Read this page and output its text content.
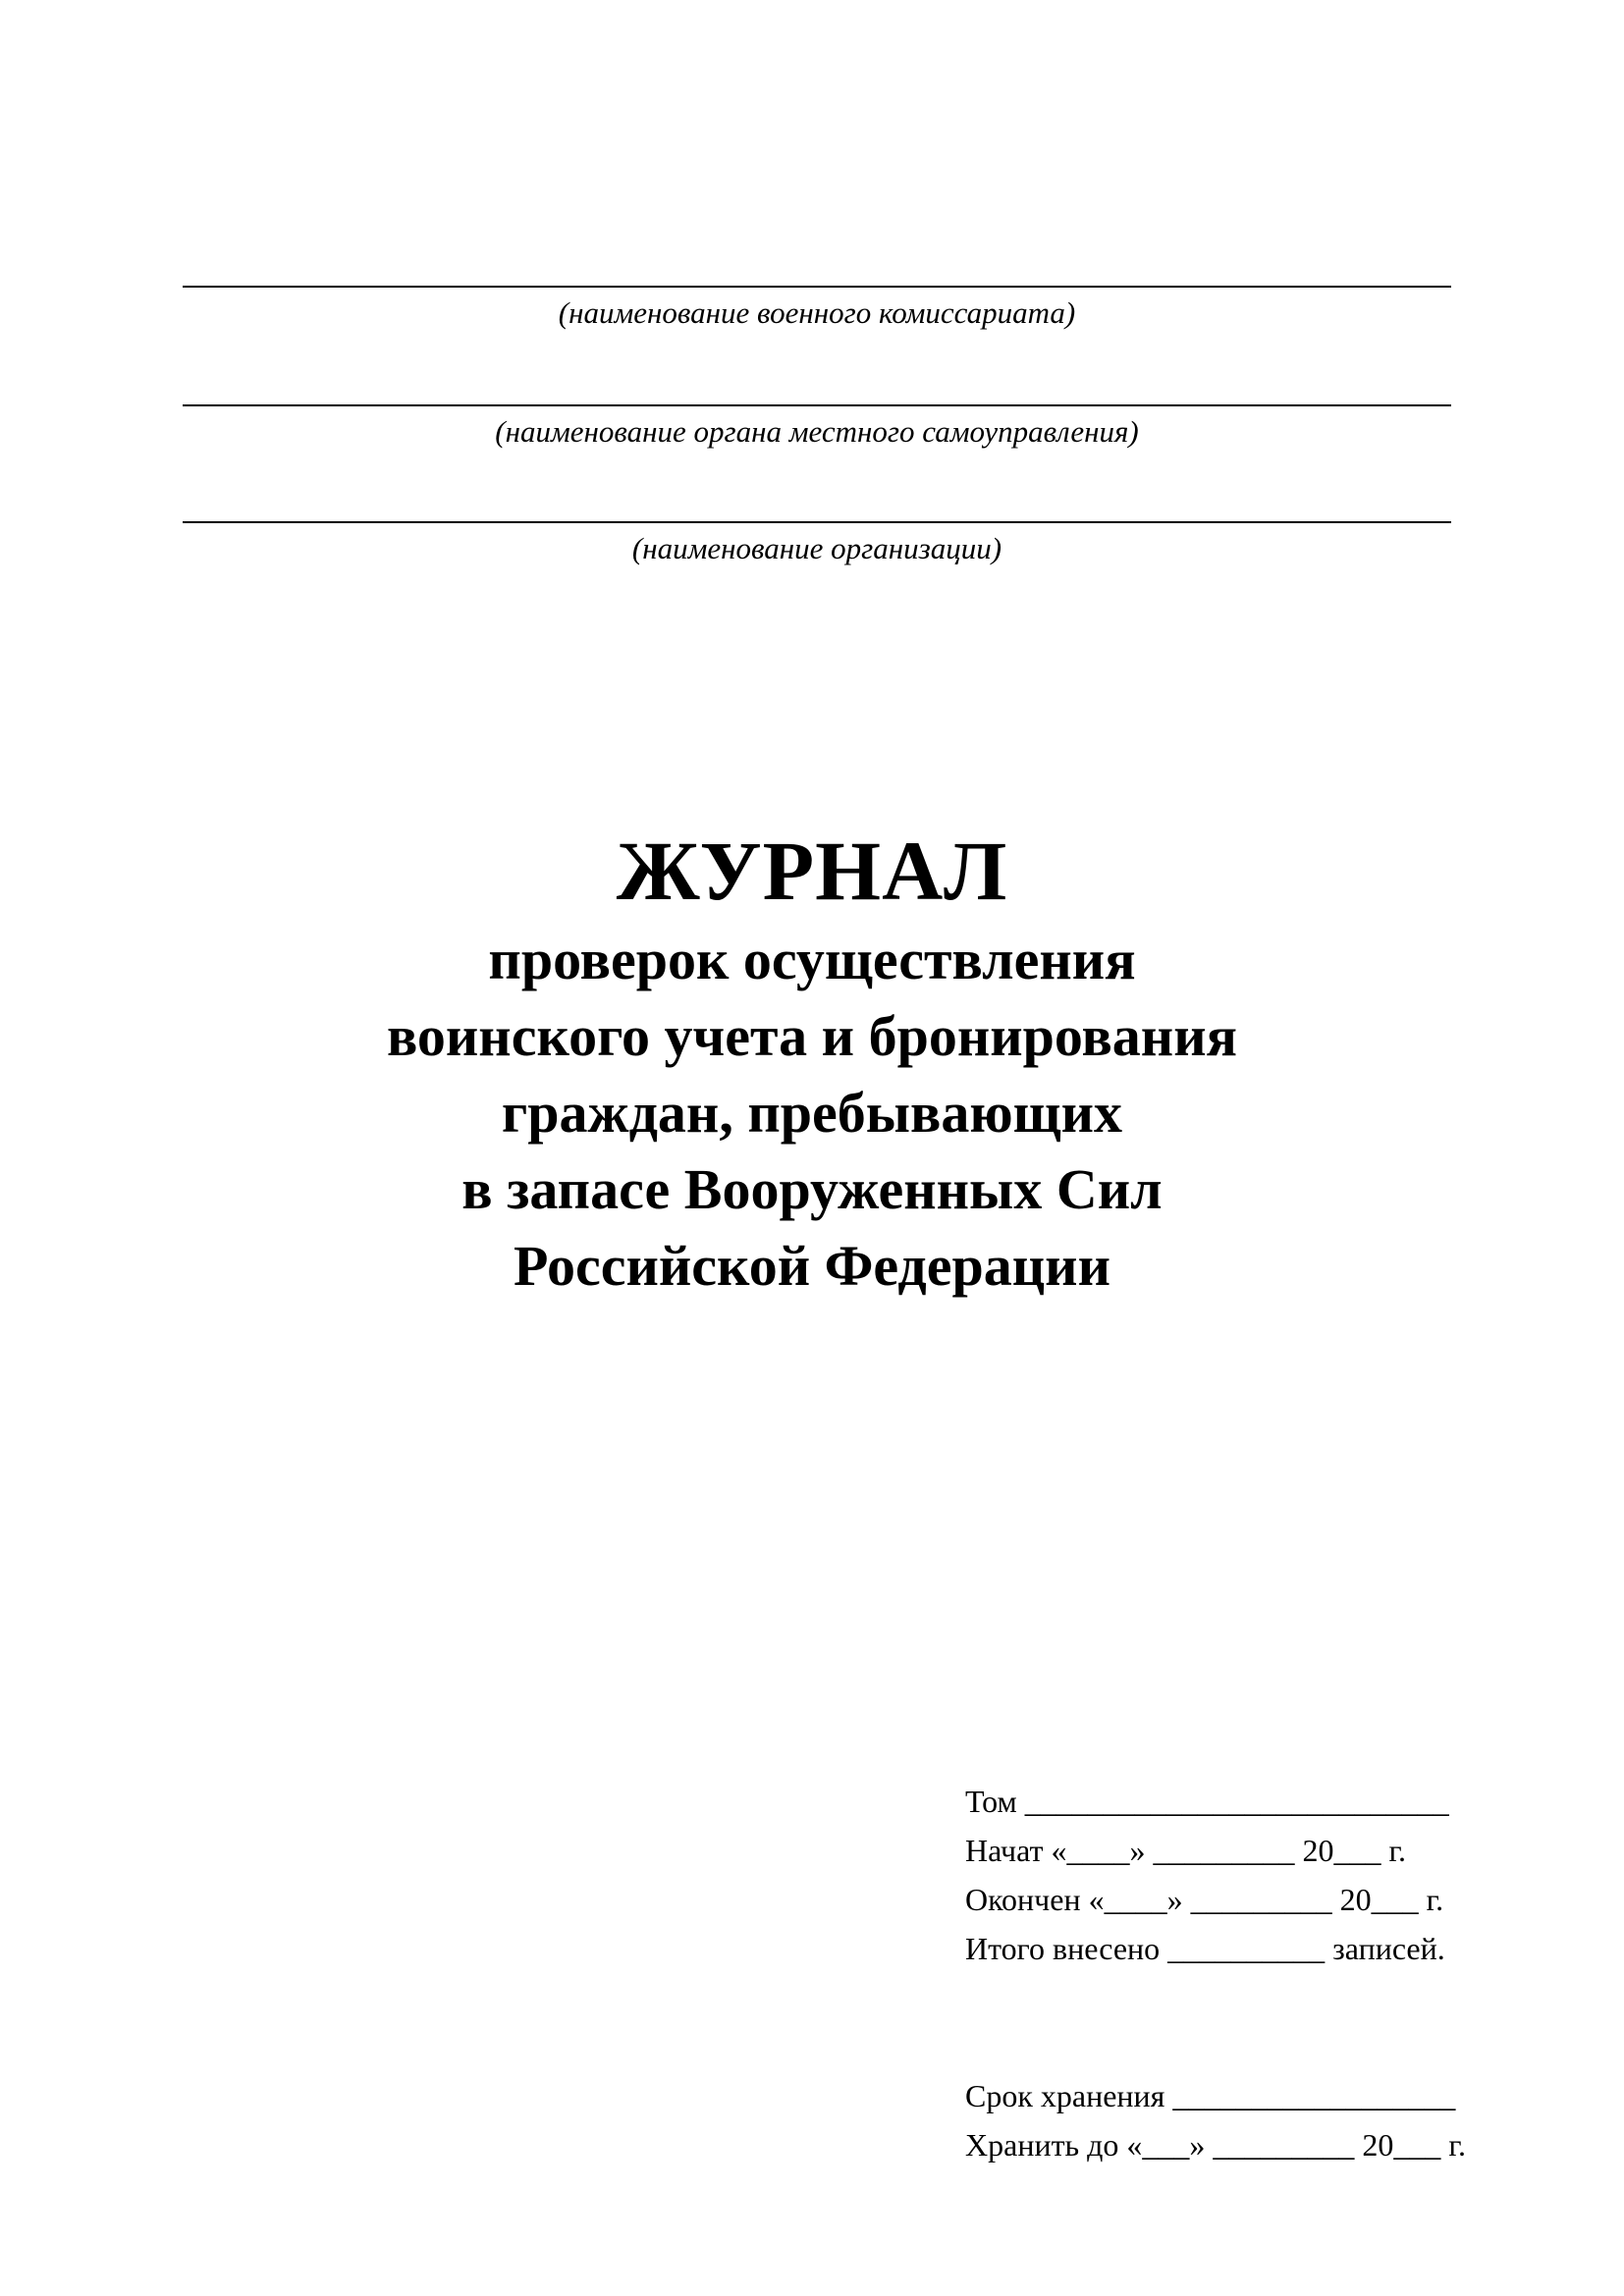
(наименование военного комиссариата)
(наименование органа местного самоуправления)
(наименование организации)
ЖУРНАЛ
проверок осуществления
воинского учета и бронирования
граждан, пребывающих
в запасе Вооруженных Сил
Российской Федерации
Том ___________________________
Начат «____» _________ 20___ г.
Окончен «____» _________ 20___ г.
Итого внесено __________ записей.
Срок хранения __________________
Хранить до «___» _________ 20___ г.
